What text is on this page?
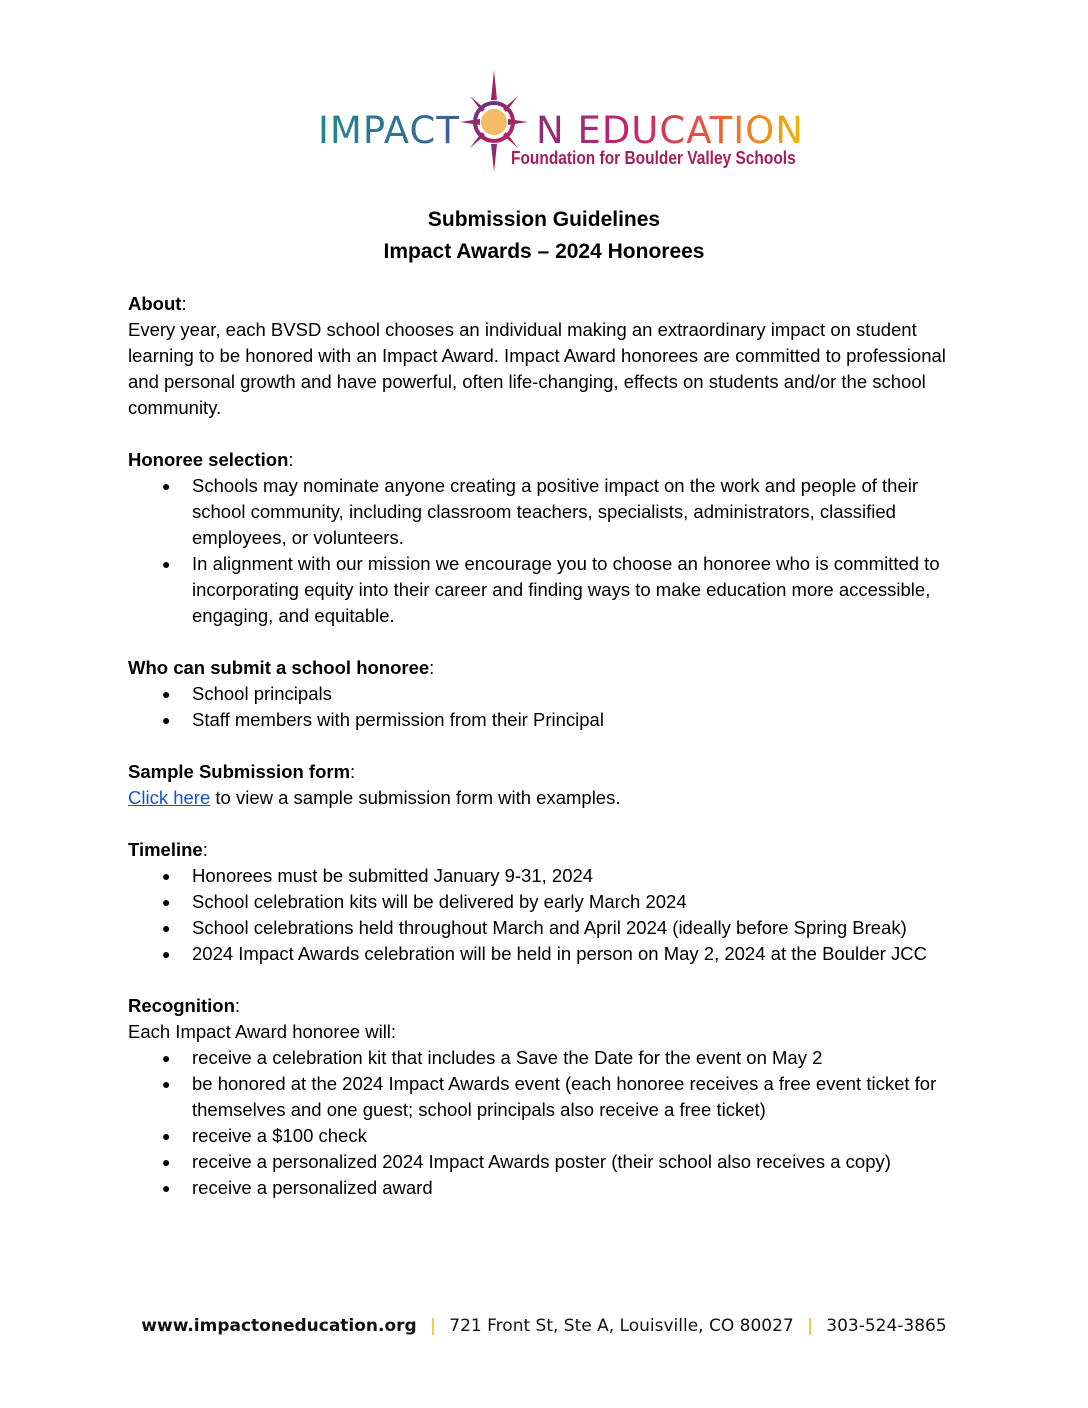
IMPACT N EDUCATION
Foundation for Boulder Valley Schools
Submission Guidelines
Impact Awards – 2024 Honorees

About:

Every year, each BVSD school chooses an individual making an extraordinary impact on student learning to be honored with an Impact Award. Impact Award honorees are committed to professional and personal growth and have powerful, often life-changing, effects on students and/or the school community.

Honoree selection:

● Schools may nominate anyone creating a positive impact on the work and people of their school community, including classroom teachers, specialists, administrators, classified employees, or volunteers.
● In alignment with our mission we encourage you to choose an honoree who is committed to incorporating equity into their career and finding ways to make education more accessible, engaging, and equitable.

Who can submit a school honoree:

● School principals
● Staff members with permission from their Principal

Sample Submission form:

Click here to view a sample submission form with examples.

Timeline:

● Honorees must be submitted January 9-31, 2024
● School celebration kits will be delivered by early March 2024
● School celebrations held throughout March and April 2024 (ideally before Spring Break)
● 2024 Impact Awards celebration will be held in person on May 2, 2024 at the Boulder JCC

Recognition:

Each Impact Award honoree will:

● receive a celebration kit that includes a Save the Date for the event on May 2
● be honored at the 2024 Impact Awards event (each honoree receives a free event ticket for themselves and one guest; school principals also receive a free ticket)
● receive a $100 check
● receive a personalized 2024 Impact Awards poster (their school also receives a copy)
● receive a personalized award
www.impactoneducation.org | 721 Front St, Ste A, Louisville, CO 80027 | 303-524-3865
